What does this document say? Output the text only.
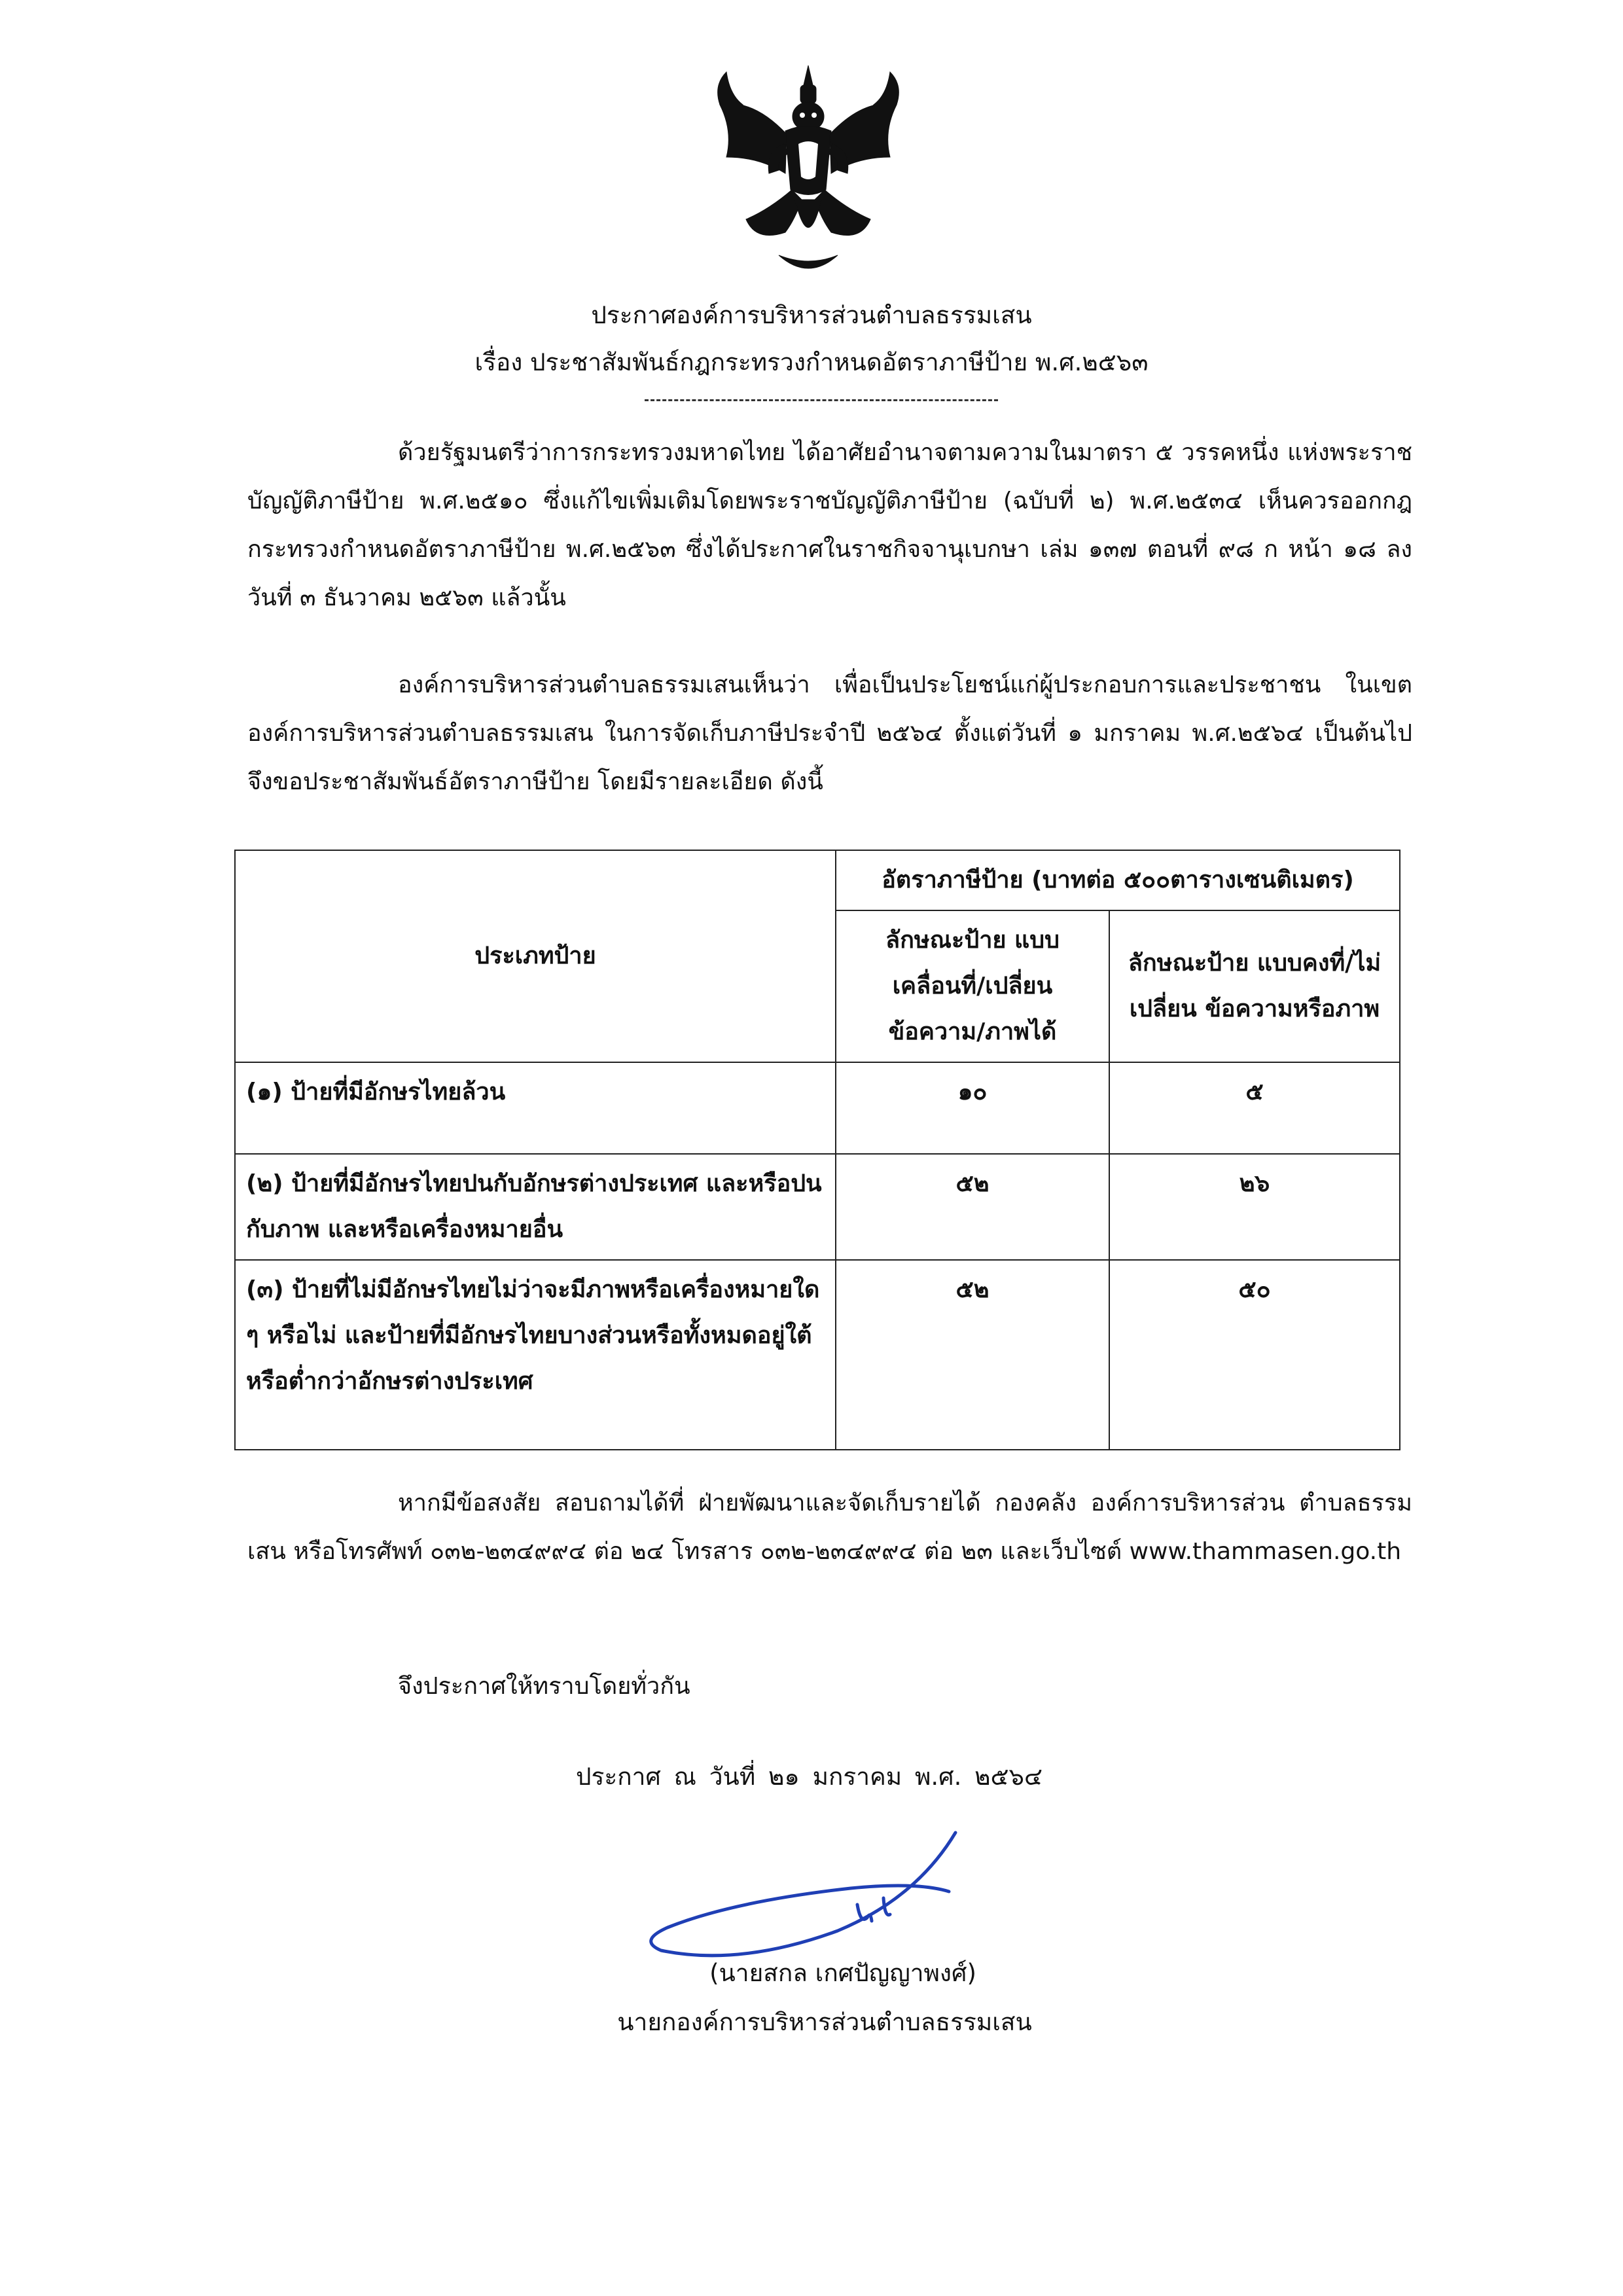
ประกาศองค์การบริหารส่วนตำบลธรรมเสน
เรื่อง ประชาสัมพันธ์กฎกระทรวงกำหนดอัตราภาษีป้าย พ.ศ.๒๕๖๓
ด้วยรัฐมนตรีว่าการกระทรวงมหาดไทย ได้อาศัยอำนาจตามความในมาตรา ๕ วรรคหนึ่ง แห่งพระราชบัญญัติภาษีป้าย พ.ศ.๒๕๑๐ ซึ่งแก้ไขเพิ่มเติมโดยพระราชบัญญัติภาษีป้าย (ฉบับที่ ๒) พ.ศ.๒๕๓๔ เห็นควรออกกฎกระทรวงกำหนดอัตราภาษีป้าย พ.ศ.๒๕๖๓ ซึ่งได้ประกาศในราชกิจจานุเบกษา เล่ม ๑๓๗ ตอนที่ ๙๘ ก หน้า ๑๘ ลงวันที่ ๓ ธันวาคม ๒๕๖๓ แล้วนั้น
องค์การบริหารส่วนตำบลธรรมเสนเห็นว่า เพื่อเป็นประโยชน์แก่ผู้ประกอบการและประชาชน ในเขตองค์การบริหารส่วนตำบลธรรมเสน ในการจัดเก็บภาษีประจำปี ๒๕๖๔ ตั้งแต่วันที่ ๑ มกราคม พ.ศ.๒๕๖๔ เป็นต้นไป จึงขอประชาสัมพันธ์อัตราภาษีป้าย โดยมีรายละเอียด ดังนี้
ประเภทป้าย	อัตราภาษีป้าย (บาทต่อ ๕๐๐ตารางเซนติเมตร)	
	ลักษณะป้าย แบบเคลื่อนที่/เปลี่ยน ข้อความ/ภาพได้	ลักษณะป้าย แบบคงที่/ไม่เปลี่ยน ข้อความหรือภาพ
(๑) ป้ายที่มีอักษรไทยล้วน	๑๐	๕
(๒) ป้ายที่มีอักษรไทยปนกับอักษรต่างประเทศ และหรือปนกับภาพ และหรือเครื่องหมายอื่น	๕๒	๒๖
(๓) ป้ายที่ไม่มีอักษรไทยไม่ว่าจะมีภาพหรือเครื่องหมายใด ๆ หรือไม่ และป้ายที่มีอักษรไทยบางส่วนหรือทั้งหมดอยู่ใต้หรือต่ำกว่าอักษรต่างประเทศ	๕๒	๕๐
หากมีข้อสงสัย สอบถามได้ที่ ฝ่ายพัฒนาและจัดเก็บรายได้ กองคลัง องค์การบริหารส่วน ตำบลธรรมเสน หรือโทรศัพท์ ๐๓๒-๒๓๔๙๙๔ ต่อ ๒๔ โทรสาร ๐๓๒-๒๓๔๙๙๔ ต่อ ๒๓ และเว็บไซต์ www.thammasen.go.th
จึงประกาศให้ทราบโดยทั่วกัน
ประกาศ ณ วันที่ ๒๑ มกราคม พ.ศ. ๒๕๖๔
(นายสกล เกศปัญญาพงศ์)
นายกองค์การบริหารส่วนตำบลธรรมเสน
